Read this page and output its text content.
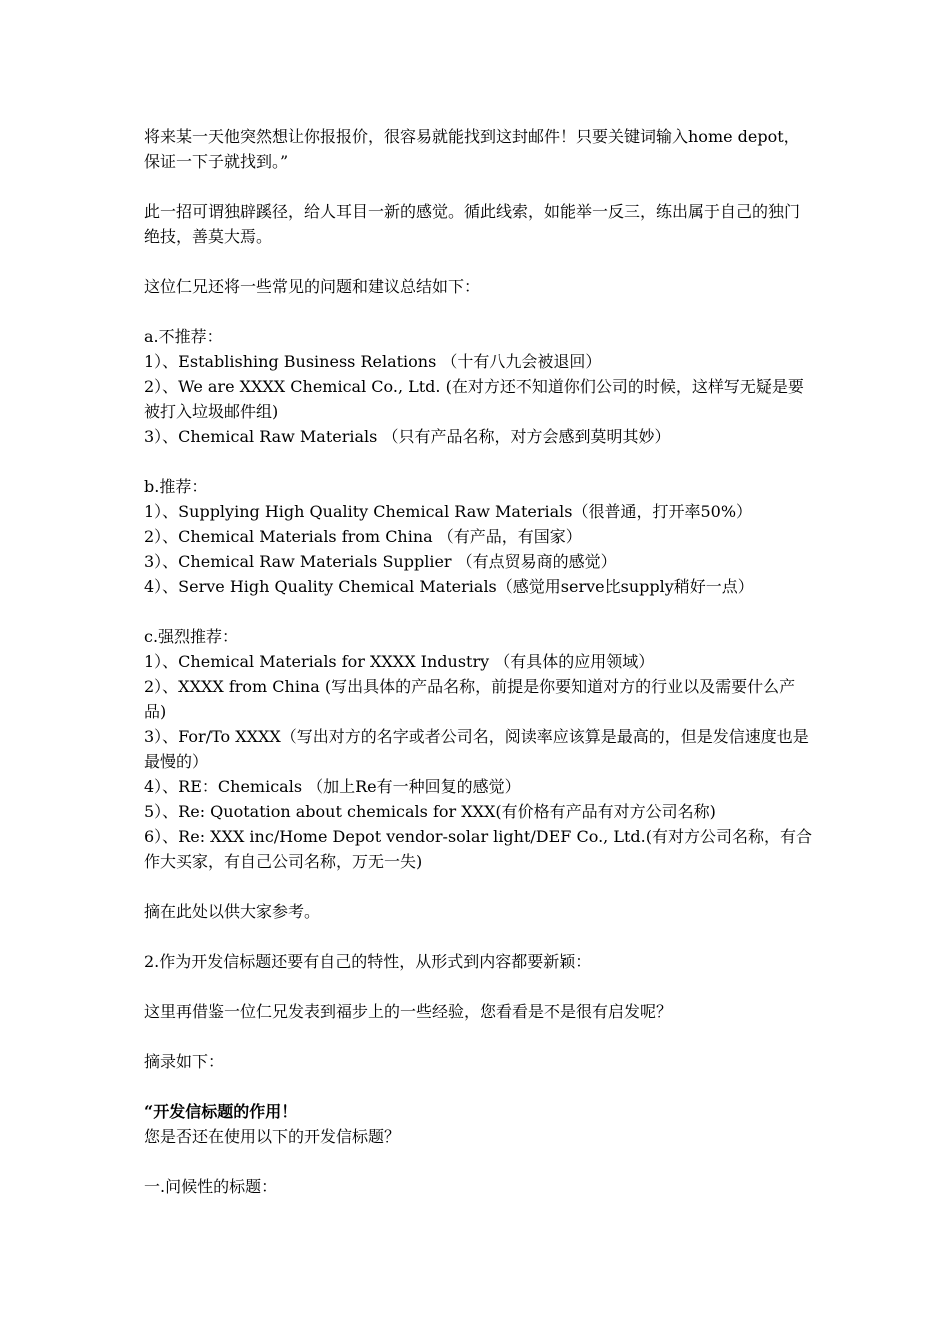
将来某一天他突然想让你报报价，很容易就能找到这封邮件！只要关键词输入home depot，保证一下子就找到。”
此一招可谓独辟蹊径，给人耳目一新的感觉。循此线索，如能举一反三，练出属于自己的独门绝技，善莫大焉。
这位仁兄还将一些常见的问题和建议总结如下：
a.不推荐：
1）、Establishing Business Relations （十有八九会被退回）
2）、We are XXXX Chemical Co., Ltd. (在对方还不知道你们公司的时候，这样写无疑是要被打入垃圾邮件组)
3）、Chemical Raw Materials （只有产品名称，对方会感到莫明其妙）
b.推荐：
1）、Supplying High Quality Chemical Raw Materials（很普通，打开率50%）
2）、Chemical Materials from China （有产品，有国家）
3）、Chemical Raw Materials Supplier （有点贸易商的感觉）
4）、Serve High Quality Chemical Materials（感觉用serve比supply稍好一点）
c.强烈推荐：
1）、Chemical Materials for XXXX Industry （有具体的应用领域）
2）、XXXX from China (写出具体的产品名称，前提是你要知道对方的行业以及需要什么产品)
3）、For/To XXXX（写出对方的名字或者公司名，阅读率应该算是最高的，但是发信速度也是最慢的）
4）、RE：Chemicals （加上Re有一种回复的感觉）
5）、Re: Quotation about chemicals for XXX(有价格有产品有对方公司名称)
6）、Re: XXX inc/Home Depot vendor-solar light/DEF Co., Ltd.(有对方公司名称，有合作大买家，有自己公司名称，万无一失)
摘在此处以供大家参考。
2.作为开发信标题还要有自己的特性，从形式到内容都要新颖：
这里再借鉴一位仁兄发表到福步上的一些经验，您看看是不是很有启发呢？
摘录如下：
“开发信标题的作用！
您是否还在使用以下的开发信标题？
一.问候性的标题：
